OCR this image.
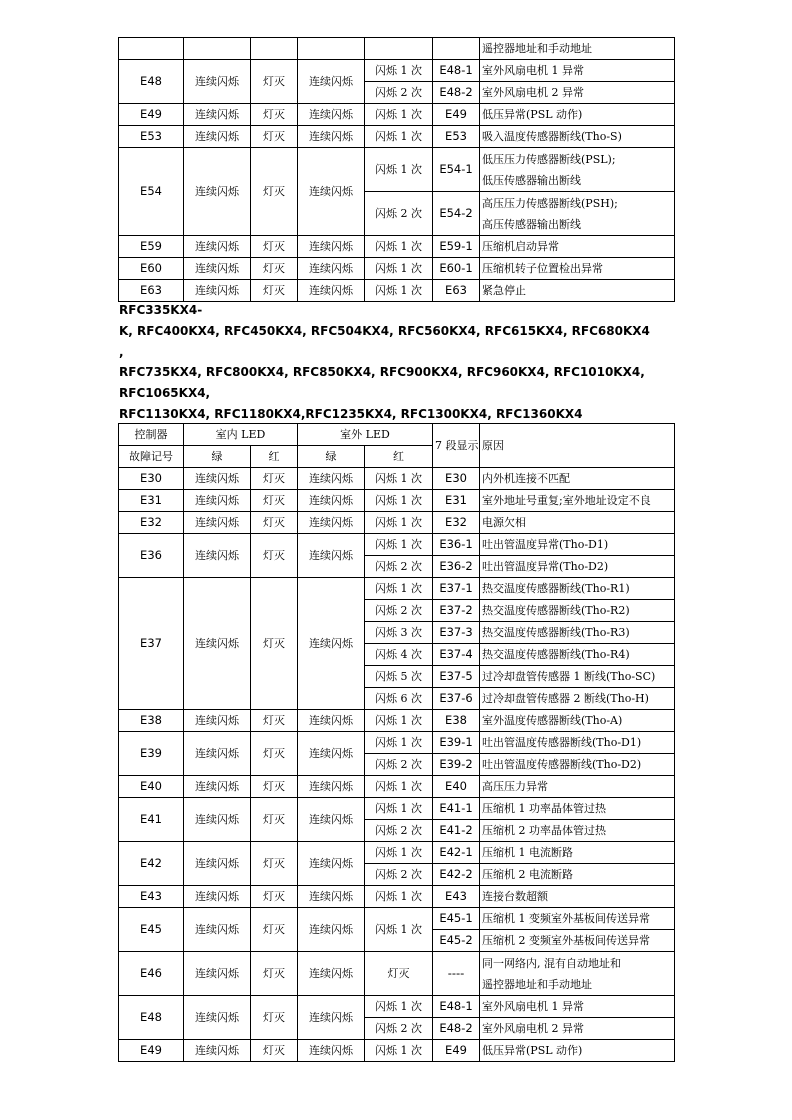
						遥控器地址和手动地址
E48	连续闪烁	灯灭	连续闪烁	闪烁 1 次	E48-1	室外风扇电机 1 异常
				闪烁 2 次	E48-2	室外风扇电机 2 异常
E49	连续闪烁	灯灭	连续闪烁	闪烁 1 次	E49	低压异常(PSL 动作)
E53	连续闪烁	灯灭	连续闪烁	闪烁 1 次	E53	吸入温度传感器断线(Tho-S)
E54	连续闪烁	灯灭	连续闪烁	闪烁 1 次	E54-1	低压压力传感器断线(PSL);
低压传感器输出断线

				闪烁 2 次	E54-2	高压压力传感器断线(PSH);
高压传感器输出断线

E59	连续闪烁	灯灭	连续闪烁	闪烁 1 次	E59-1	压缩机启动异常
E60	连续闪烁	灯灭	连续闪烁	闪烁 1 次	E60-1	压缩机转子位置检出异常
E63	连续闪烁	灯灭	连续闪烁	闪烁 1 次	E63	紧急停止
RFC335KX4-
K, RFC400KX4, RFC450KX4, RFC504KX4, RFC560KX4, RFC615KX4, RFC680KX4
,
RFC735KX4, RFC800KX4, RFC850KX4, RFC900KX4, RFC960KX4, RFC1010KX4,
RFC1065KX4,
RFC1130KX4, RFC1180KX4,RFC1235KX4, RFC1300KX4, RFC1360KX4
控制器	室内 LED		室外 LED		7 段显示	原因
故障记号	绿	红	绿	红		
E30	连续闪烁	灯灭	连续闪烁	闪烁 1 次	E30	内外机连接不匹配
E31	连续闪烁	灯灭	连续闪烁	闪烁 1 次	E31	室外地址号重复;室外地址设定不良
E32	连续闪烁	灯灭	连续闪烁	闪烁 1 次	E32	电源欠相
E36	连续闪烁	灯灭	连续闪烁	闪烁 1 次	E36-1	吐出管温度异常(Tho-D1)
				闪烁 2 次	E36-2	吐出管温度异常(Tho-D2)
E37	连续闪烁	灯灭	连续闪烁	闪烁 1 次	E37-1	热交温度传感器断线(Tho-R1)
				闪烁 2 次	E37-2	热交温度传感器断线(Tho-R2)
				闪烁 3 次	E37-3	热交温度传感器断线(Tho-R3)
				闪烁 4 次	E37-4	热交温度传感器断线(Tho-R4)
				闪烁 5 次	E37-5	过冷却盘管传感器 1 断线(Tho-SC)
				闪烁 6 次	E37-6	过冷却盘管传感器 2 断线(Tho-H)
E38	连续闪烁	灯灭	连续闪烁	闪烁 1 次	E38	室外温度传感器断线(Tho-A)
E39	连续闪烁	灯灭	连续闪烁	闪烁 1 次	E39-1	吐出管温度传感器断线(Tho-D1)
				闪烁 2 次	E39-2	吐出管温度传感器断线(Tho-D2)
E40	连续闪烁	灯灭	连续闪烁	闪烁 1 次	E40	高压压力异常
E41	连续闪烁	灯灭	连续闪烁	闪烁 1 次	E41-1	压缩机 1 功率晶体管过热
				闪烁 2 次	E41-2	压缩机 2 功率晶体管过热
E42	连续闪烁	灯灭	连续闪烁	闪烁 1 次	E42-1	压缩机 1 电流断路
				闪烁 2 次	E42-2	压缩机 2 电流断路
E43	连续闪烁	灯灭	连续闪烁	闪烁 1 次	E43	连接台数超额
E45	连续闪烁	灯灭	连续闪烁	闪烁 1 次	E45-1	压缩机 1 变频室外基板间传送异常
					E45-2	压缩机 2 变频室外基板间传送异常
E46	连续闪烁	灯灭	连续闪烁	灯灭	----	同一网络内, 混有自动地址和
遥控器地址和手动地址

E48	连续闪烁	灯灭	连续闪烁	闪烁 1 次	E48-1	室外风扇电机 1 异常
				闪烁 2 次	E48-2	室外风扇电机 2 异常
E49	连续闪烁	灯灭	连续闪烁	闪烁 1 次	E49	低压异常(PSL 动作)
